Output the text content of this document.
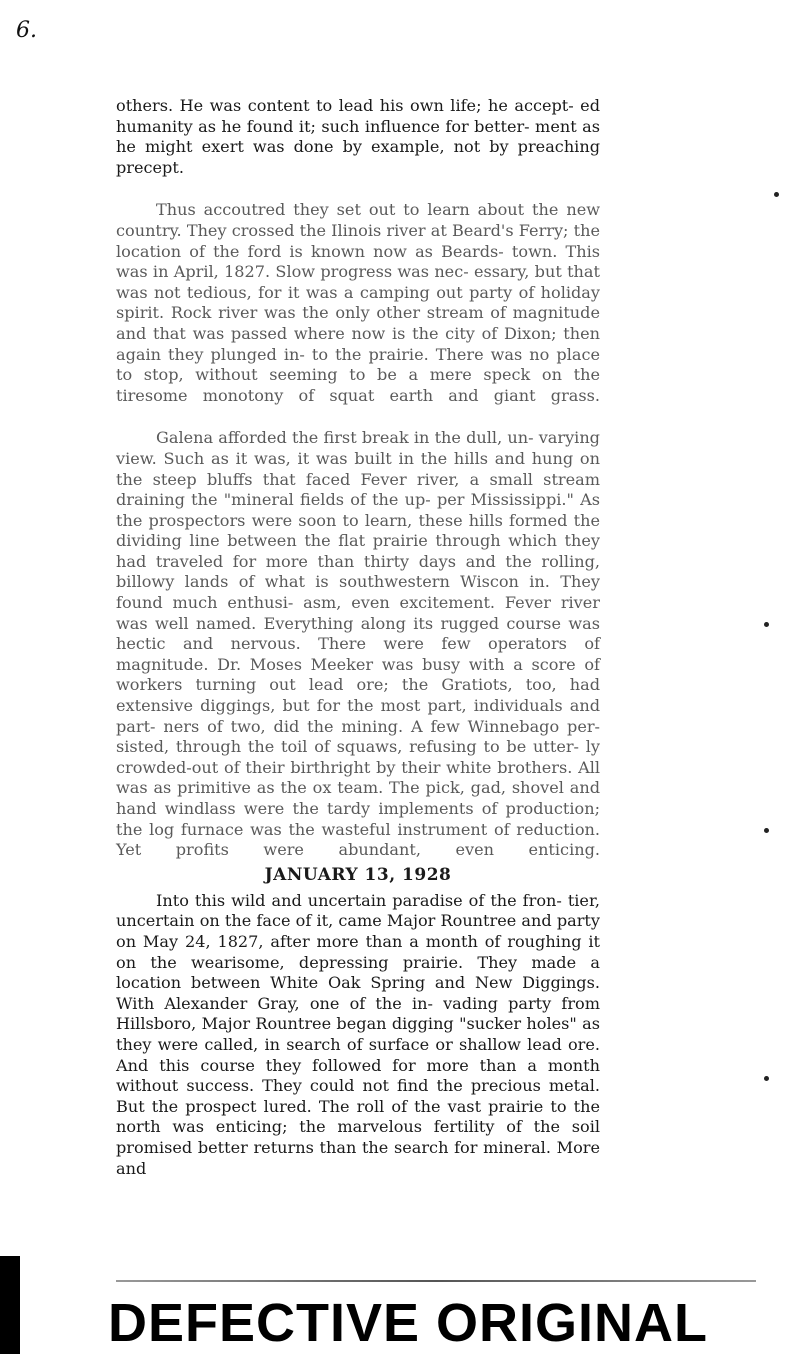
6.

others. He was content to lead his own life; he accept- ed humanity as he found it; such influence for better- ment as he might exert was done by example, not by preaching precept.

Thus accoutred they set out to learn about the new country. They crossed the Ilinois river at Beard's Ferry; the location of the ford is known now as Beards- town. This was in April, 1827. Slow progress was nec- essary, but that was not tedious, for it was a camping out party of holiday spirit. Rock river was the only other stream of magnitude and that was passed where now is the city of Dixon; then again they plunged in- to the prairie. There was no place to stop, without seeming to be a mere speck on the tiresome monotony of squat earth and giant grass.

Galena afforded the first break in the dull, un- varying view. Such as it was, it was built in the hills and hung on the steep bluffs that faced Fever river, a small stream draining the "mineral fields of the up- per Mississippi." As the prospectors were soon to learn, these hills formed the dividing line between the flat prairie through which they had traveled for more than thirty days and the rolling, billowy lands of what is southwestern Wiscon in. They found much enthusi- asm, even excitement. Fever river was well named. Everything along its rugged course was hectic and nervous. There were few operators of magnitude. Dr. Moses Meeker was busy with a score of workers turning out lead ore; the Gratiots, too, had extensive diggings, but for the most part, individuals and part- ners of two, did the mining. A few Winnebago per- sisted, through the toil of squaws, refusing to be utter- ly crowded-out of their birthright by their white brothers. All was as primitive as the ox team. The pick, gad, shovel and hand windlass were the tardy implements of production; the log furnace was the wasteful instrument of reduction. Yet profits were abundant, even enticing.

JANUARY 13, 1928

Into this wild and uncertain paradise of the fron- tier, uncertain on the face of it, came Major Rountree and party on May 24, 1827, after more than a month of roughing it on the wearisome, depressing prairie. They made a location between White Oak Spring and New Diggings. With Alexander Gray, one of the in- vading party from Hillsboro, Major Rountree began digging "sucker holes" as they were called, in search of surface or shallow lead ore. And this course they followed for more than a month without success. They could not find the precious metal. But the prospect lured. The roll of the vast prairie to the north was enticing; the marvelous fertility of the soil promised better returns than the search for mineral. More and

DEFECTIVE ORIGINAL
